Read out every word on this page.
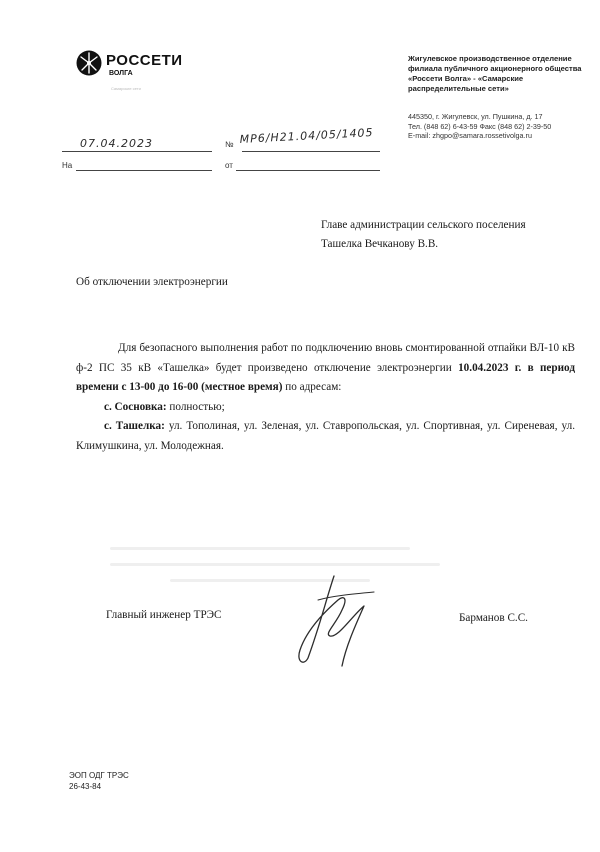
РОССЕТИ
ВОЛГА
Самарские сети
Жигулевское производственное отделение
филиала публичного акционерного общества
«Россети Волга» - «Самарские
распределительные сети»
445350, г. Жигулевск, ул. Пушкина, д. 17
Тел. (848 62) 6-43-59 Факс (848 62) 2-39-50
E-mail: zhgpo@samara.rossetivolga.ru
07.04.2023	№ МР6/Н21.04/05/1405
На	от
Главе администрации сельского поселения
Ташелка Вечканову В.В.
Об отключении электроэнергии

Для безопасного выполнения работ по подключению вновь смонтированной отпайки ВЛ-10 кВ ф-2 ПС 35 кВ «Ташелка» будет произведено отключение электроэнергии 10.04.2023 г. в период времени с 13-00 до 16-00 (местное время) по адресам:

с. Сосновка: полностью;

с. Ташелка: ул. Тополиная, ул. Зеленая, ул. Ставропольская, ул. Спортивная, ул. Сиреневая, ул. Климушкина, ул. Молодежная.

Главный инженер ТРЭС	Барманов С.С.
ЭОП ОДГ ТРЭС
26-43-84
